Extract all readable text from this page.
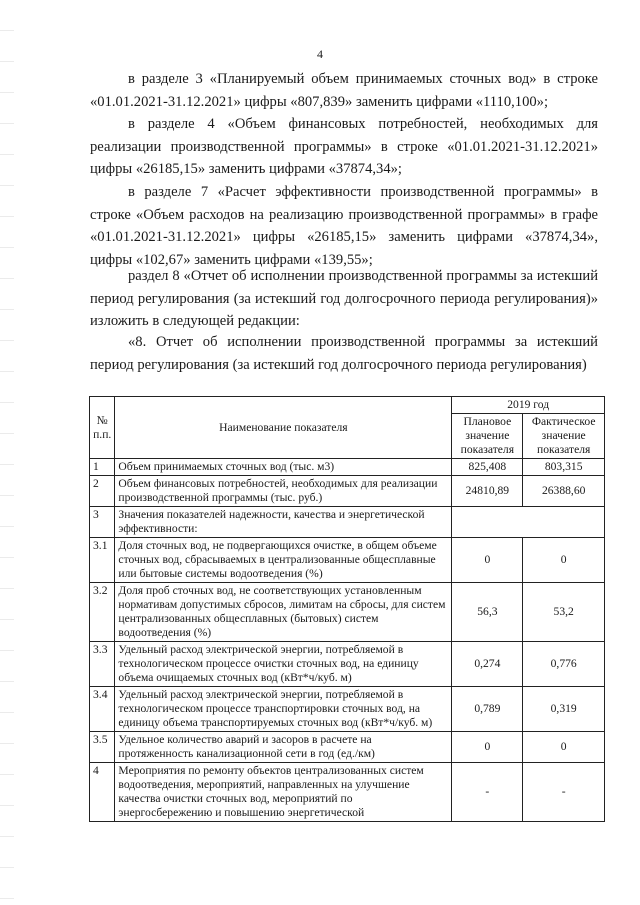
4

в разделе 3 «Планируемый объем принимаемых сточных вод» в строке «01.01.2021-31.12.2021» цифры «807,839» заменить цифрами «1110,100»;

в разделе 4 «Объем финансовых потребностей, необходимых для реализации производственной программы» в строке «01.01.2021-31.12.2021» цифры «26185,15» заменить цифрами «37874,34»;

в разделе 7 «Расчет эффективности производственной программы» в строке «Объем расходов на реализацию производственной программы» в графе «01.01.2021-31.12.2021» цифры «26185,15» заменить цифрами «37874,34», цифры «102,67» заменить цифрами «139,55»;

раздел 8 «Отчет об исполнении производственной программы за истекший период регулирования (за истекший год долгосрочного периода регулирования)» изложить в следующей редакции:

«8. Отчет об исполнении производственной программы за истекший период регулирования (за истекший год долгосрочного периода регулирования)

№ п.п.	Наименование показателя	2019 год	
		Плановое значение показателя	Фактическое значение показателя
1	Объем принимаемых сточных вод (тыс. м3)	825,408	803,315
2	Объем финансовых потребностей, необходимых для реализации производственной программы (тыс. руб.)	24810,89	26388,60
3	Значения показателей надежности, качества и энергетической эффективности:		
3.1	Доля сточных вод, не подвергающихся очистке, в общем объеме сточных вод, сбрасываемых в централизованные общесплавные или бытовые системы водоотведения (%)	0	0
3.2	Доля проб сточных вод, не соответствующих установленным нормативам допустимых сбросов, лимитам на сбросы, для систем централизованных общесплавных (бытовых) систем водоотведения (%)	56,3	53,2
3.3	Удельный расход электрической энергии, потребляемой в технологическом процессе очистки сточных вод, на единицу объема очищаемых сточных вод (кВт*ч/куб. м)	0,274	0,776
3.4	Удельный расход электрической энергии, потребляемой в технологическом процессе транспортировки сточных вод, на единицу объема транспортируемых сточных вод (кВт*ч/куб. м)	0,789	0,319
3.5	Удельное количество аварий и засоров в расчете на протяженность канализационной сети в год (ед./км)	0	0
4	Мероприятия по ремонту объектов централизованных систем водоотведения, мероприятий, направленных на улучшение качества очистки сточных вод, мероприятий по энергосбережению и повышению энергетической	-	-
